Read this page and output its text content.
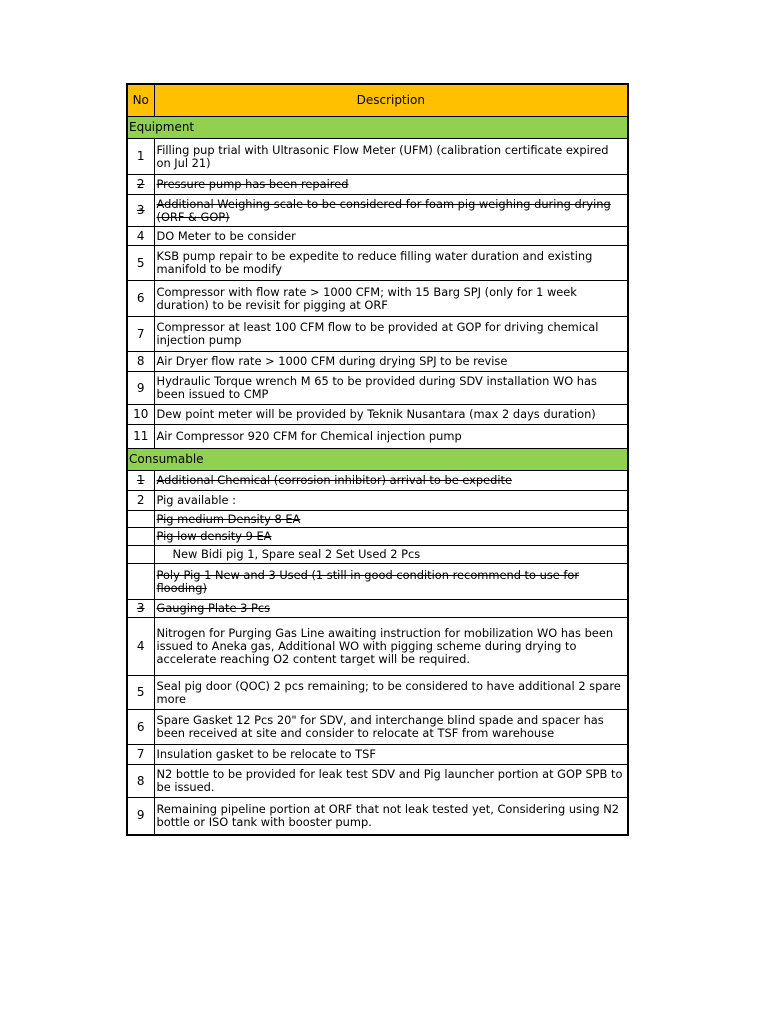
No	Description
Equipment	
1	Filling pup trial with Ultrasonic Flow Meter (UFM) (calibration certificate expired on Jul 21)
2	Pressure pump has been repaired
3	Additional Weighing scale to be considered for foam pig weighing during drying (ORF & GOP)
4	DO Meter to be consider
5	KSB pump repair to be expedite to reduce filling water duration and existing manifold to be modify
6	Compressor with flow rate > 1000 CFM; with 15 Barg SPJ (only for 1 week duration) to be revisit for pigging at ORF
7	Compressor at least 100 CFM flow to be provided at GOP for driving chemical injection pump
8	Air Dryer flow rate > 1000 CFM during drying SPJ to be revise
9	Hydraulic Torque wrench M 65 to be provided during SDV installation WO has been issued to CMP
10	Dew point meter will be provided by Teknik Nusantara (max 2 days duration)
11	Air Compressor 920 CFM for Chemical injection pump
Consumable	
1	Additional Chemical (corrosion inhibitor) arrival to be expedite
2	Pig available :
	Pig medium Density 8 EA
	Pig low density 9 EA
	New Bidi pig 1, Spare seal 2 Set Used 2 Pcs
	Poly Pig 1 New and 3 Used (1 still in good condition recommend to use for flooding)
3	Gauging Plate 3 Pcs
4	Nitrogen for Purging Gas Line awaiting instruction for mobilization WO has been issued to Aneka gas, Additional WO with pigging scheme during drying to accelerate reaching O2 content target will be required.
5	Seal pig door (QOC) 2 pcs remaining; to be considered to have additional 2 spare more
6	Spare Gasket 12 Pcs 20" for SDV, and interchange blind spade and spacer has been received at site and consider to relocate at TSF from warehouse
7	Insulation gasket to be relocate to TSF
8	N2 bottle to be provided for leak test SDV and Pig launcher portion at GOP SPB to be issued.
9	Remaining pipeline portion at ORF that not leak tested yet, Considering using N2 bottle or ISO tank with booster pump.
